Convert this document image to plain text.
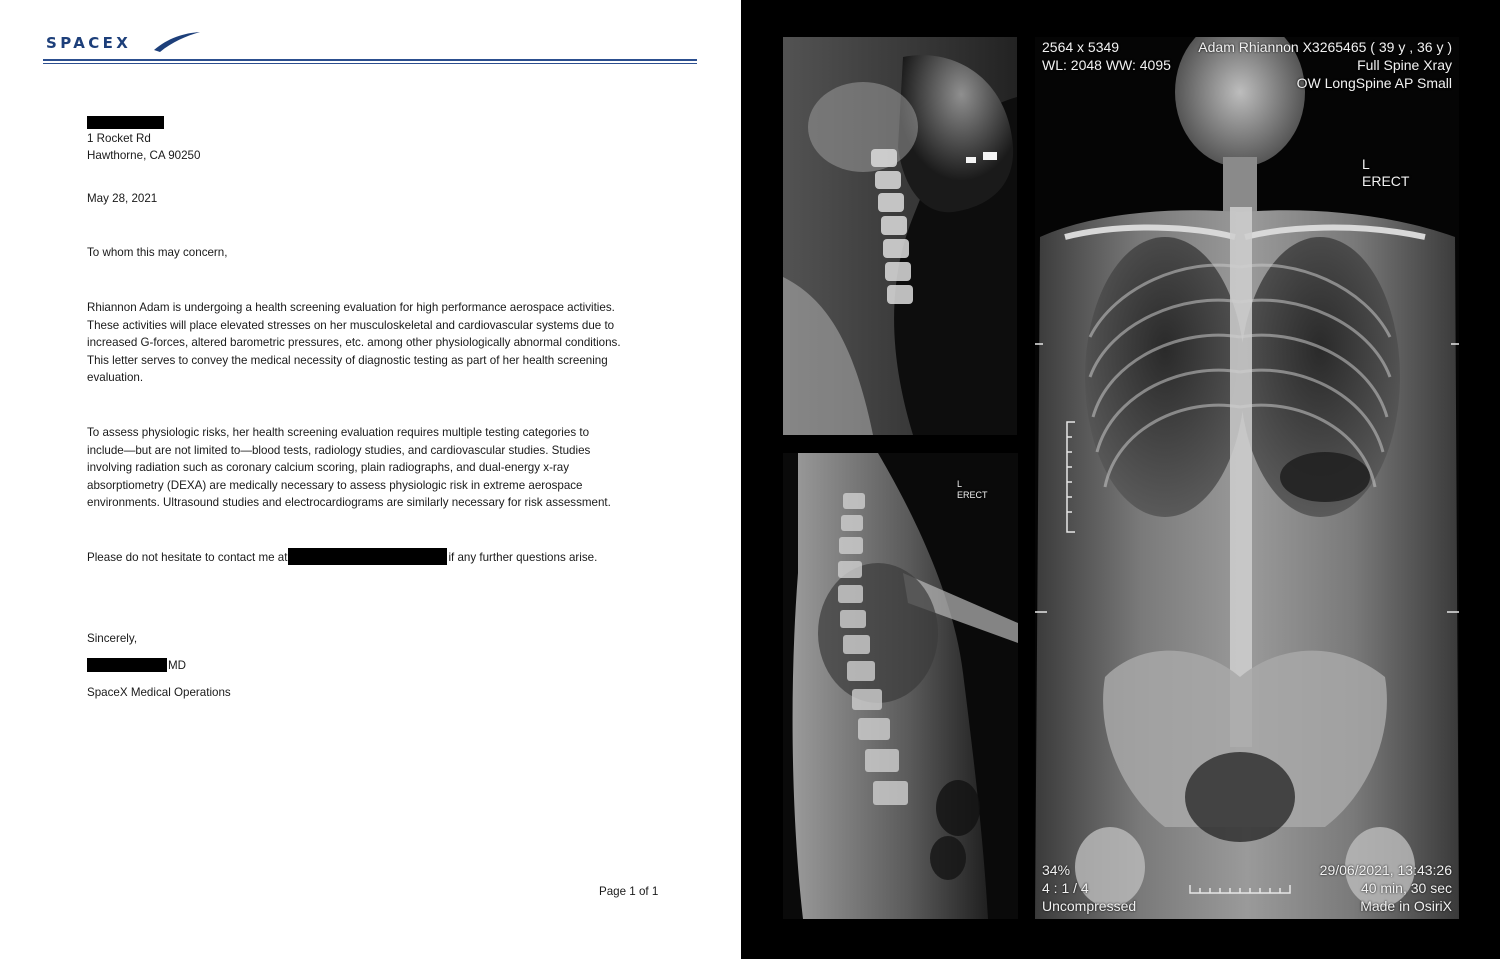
SPACEX
1 Rocket Rd
Hawthorne, CA 90250
May 28, 2021
To whom this may concern,
Rhiannon Adam is undergoing a health screening evaluation for high performance aerospace activities.
These activities will place elevated stresses on her musculoskeletal and cardiovascular systems due to
increased G-forces, altered barometric pressures, etc. among other physiologically abnormal conditions.
This letter serves to convey the medical necessity of diagnostic testing as part of her health screening
evaluation.
To assess physiologic risks, her health screening evaluation requires multiple testing categories to
include—but are not limited to—blood tests, radiology studies, and cardiovascular studies. Studies
involving radiation such as coronary calcium scoring, plain radiographs, and dual-energy x-ray
absorptiometry (DEXA) are medically necessary to assess physiologic risk in extreme aerospace
environments. Ultrasound studies and electrocardiograms are similarly necessary for risk assessment.
Please do not hesitate to contact me at	if any further questions arise.
Sincerely,
MD
SpaceX Medical Operations
Page 1 of 1
L
ERECT
2564 x 5349
WL: 2048 WW: 4095
Adam Rhiannon X3265465 ( 39 y , 36 y )
Full Spine Xray
OW LongSpine AP Small
L
ERECT
34%
4 : 1 / 4
Uncompressed
29/06/2021, 13:43:26
40 min, 30 sec
Made in OsiriX
